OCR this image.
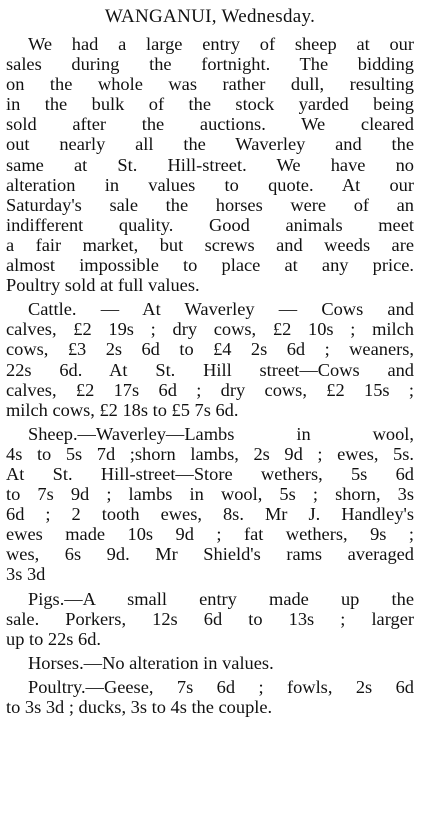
WANGANUI, Wednesday.
We had a large entry of sheep at our
sales during the fortnight. The bidding
on the whole was rather dull, resulting
in the bulk of the stock yarded being
sold after the auctions. We cleared
out nearly all the Waverley and the
same at St. Hill-street. We have no
alteration in values to quote. At our
Saturday's sale the horses were of an
indifferent quality. Good animals meet
a fair market, but screws and weeds are
almost impossible to place at any price.
Poultry sold at full values.
Cattle. — At Waverley — Cows and
calves, £2 19s ; dry cows, £2 10s ; milch
cows, £3 2s 6d to £4 2s 6d ; weaners,
22s 6d. At St. Hill street—Cows and
calves, £2 17s 6d ; dry cows, £2 15s ;
milch cows, £2 18s to £5 7s 6d.
Sheep.—Waverley—Lambs in wool,
4s to 5s 7d ;shorn lambs, 2s 9d ; ewes, 5s.
At St. Hill-street—Store wethers, 5s 6d
to 7s 9d ; lambs in wool, 5s ; shorn, 3s
6d ; 2 tooth ewes, 8s. Mr J. Handley's
ewes made 10s 9d ; fat wethers, 9s ;
wes, 6s 9d. Mr Shield's rams averaged
3s 3d
Pigs.—A small entry made up the
sale. Porkers, 12s 6d to 13s ; larger
up to 22s 6d.
Horses.—No alteration in values.
Poultry.—Geese, 7s 6d ; fowls, 2s 6d
to 3s 3d ; ducks, 3s to 4s the couple.
